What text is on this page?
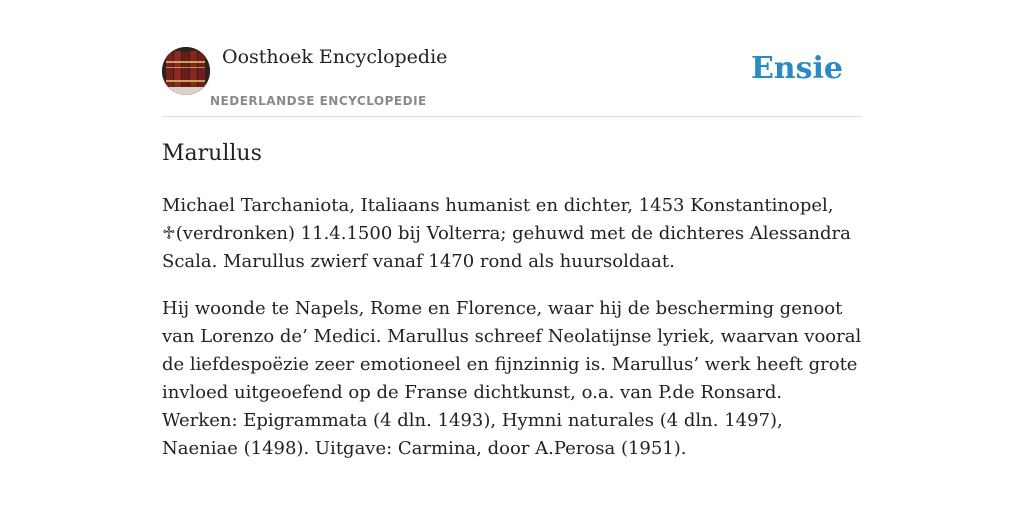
Oosthoek Encyclopedie
NEDERLANDSE ENCYCLOPEDIE
Ensie
Marullus

Michael Tarchaniota, Italiaans humanist en dichter, 1453 Konstantinopel, ♱(verdronken) 11.4.1500 bij Volterra; gehuwd met de dichteres Alessandra Scala. Marullus zwierf vanaf 1470 rond als huursoldaat.

Hij woonde te Napels, Rome en Florence, waar hij de bescherming genoot van Lorenzo de’ Medici. Marullus schreef Neolatijnse lyriek, waarvan vooral de liefdespoëzie zeer emotioneel en fijnzinnig is. Marullus’ werk heeft grote invloed uitgeoefend op de Franse dichtkunst, o.a. van P.de Ronsard. Werken: Epigrammata (4 dln. 1493), Hymni naturales (4 dln. 1497), Naeniae (1498). Uitgave: Carmina, door A.Perosa (1951).
